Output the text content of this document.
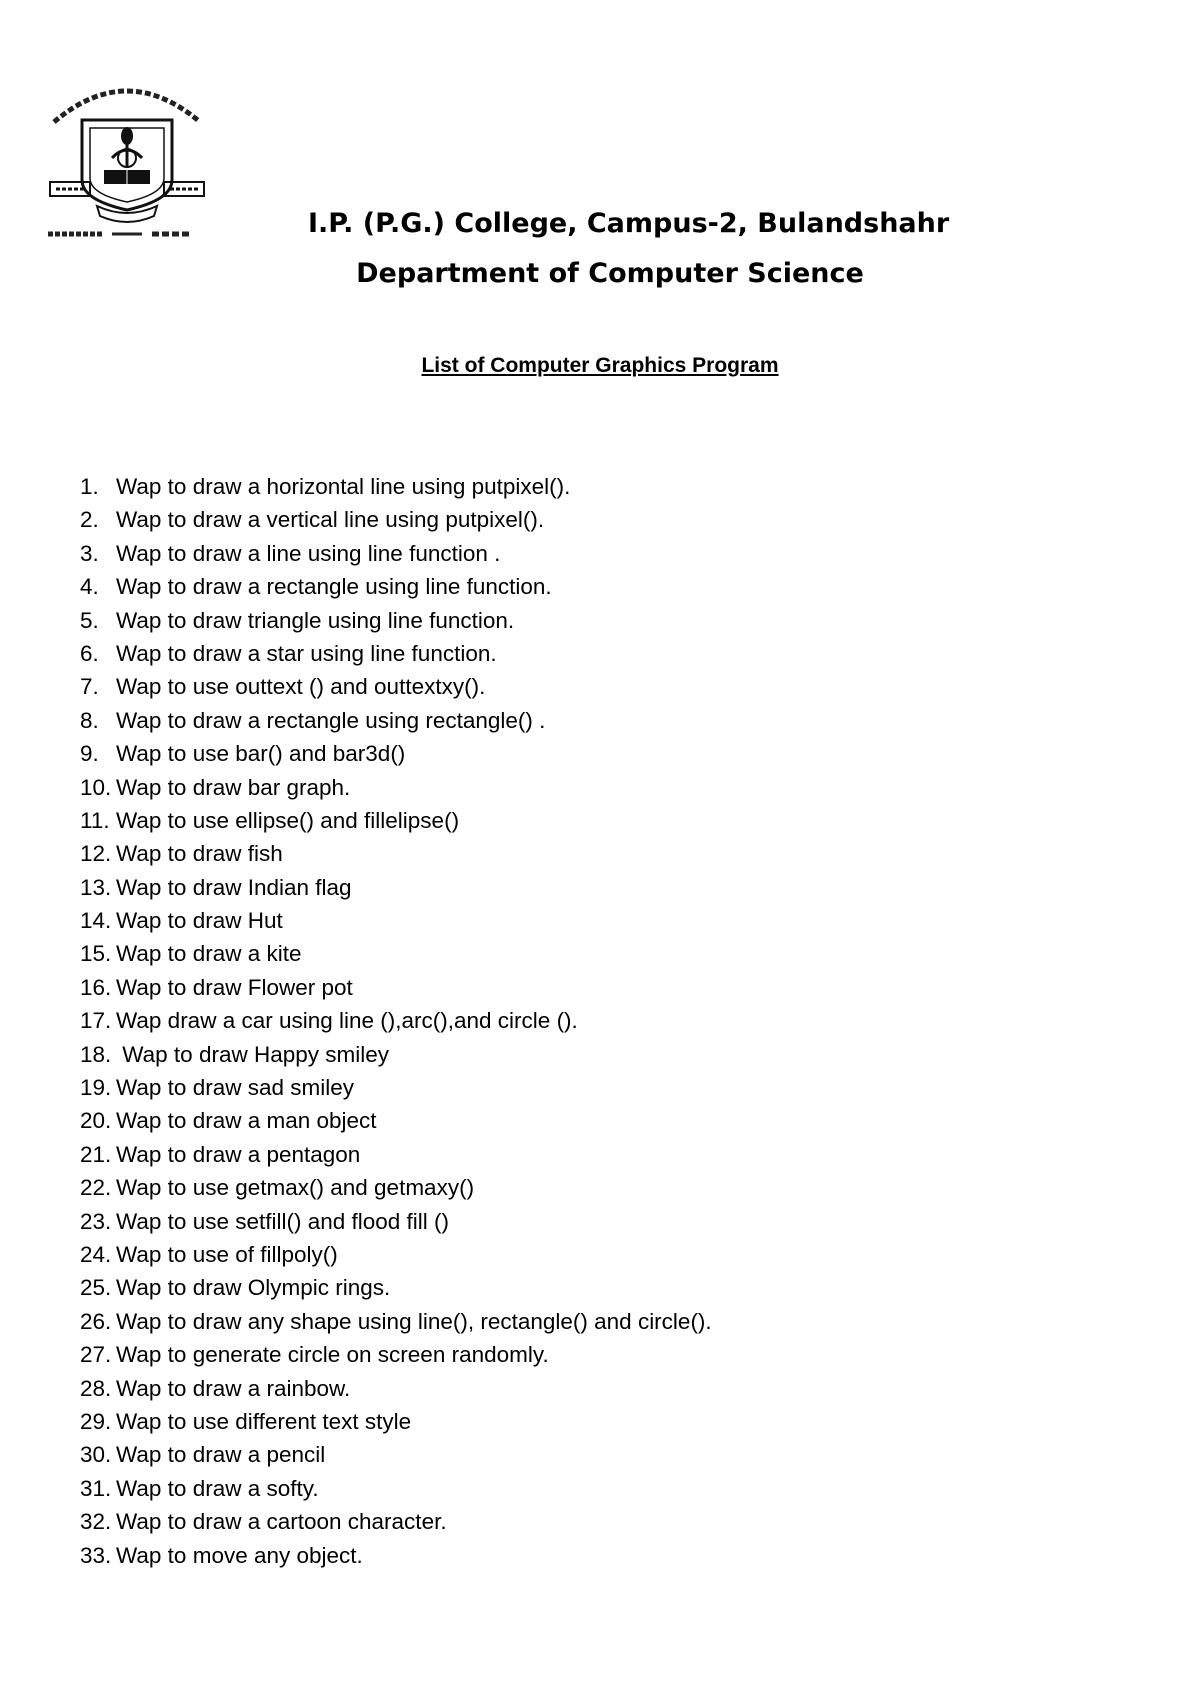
I.P. (P.G.) College, Campus-2, Bulandshahr
Department of Computer Science
List of Computer Graphics Program
1. Wap to draw a horizontal line using putpixel().
2. Wap to draw a vertical line using putpixel().
3. Wap to draw a line using line function .
4. Wap to draw a rectangle using line function.
5. Wap to draw triangle using line function.
6. Wap to draw a star using line function.
7. Wap to use outtext () and outtextxy().
8. Wap to draw a rectangle using rectangle() .
9. Wap to use bar() and bar3d()
10. Wap to draw bar graph.
11. Wap to use ellipse() and fillelipse()
12. Wap to draw fish
13. Wap to draw Indian flag
14. Wap to draw Hut
15. Wap to draw a kite
16. Wap to draw Flower pot
17. Wap draw a car using line (),arc(),and circle ().
18. Wap to draw Happy smiley
19. Wap to draw sad smiley
20. Wap to draw a man object
21. Wap to draw a pentagon
22. Wap to use getmax() and getmaxy()
23. Wap to use setfill() and flood fill ()
24. Wap to use of fillpoly()
25. Wap to draw Olympic rings.
26. Wap to draw any shape using line(), rectangle() and circle().
27. Wap to generate circle on screen randomly.
28. Wap to draw a rainbow.
29. Wap to use different text style
30. Wap to draw a pencil
31. Wap to draw a softy.
32. Wap to draw a cartoon character.
33. Wap to move any object.
